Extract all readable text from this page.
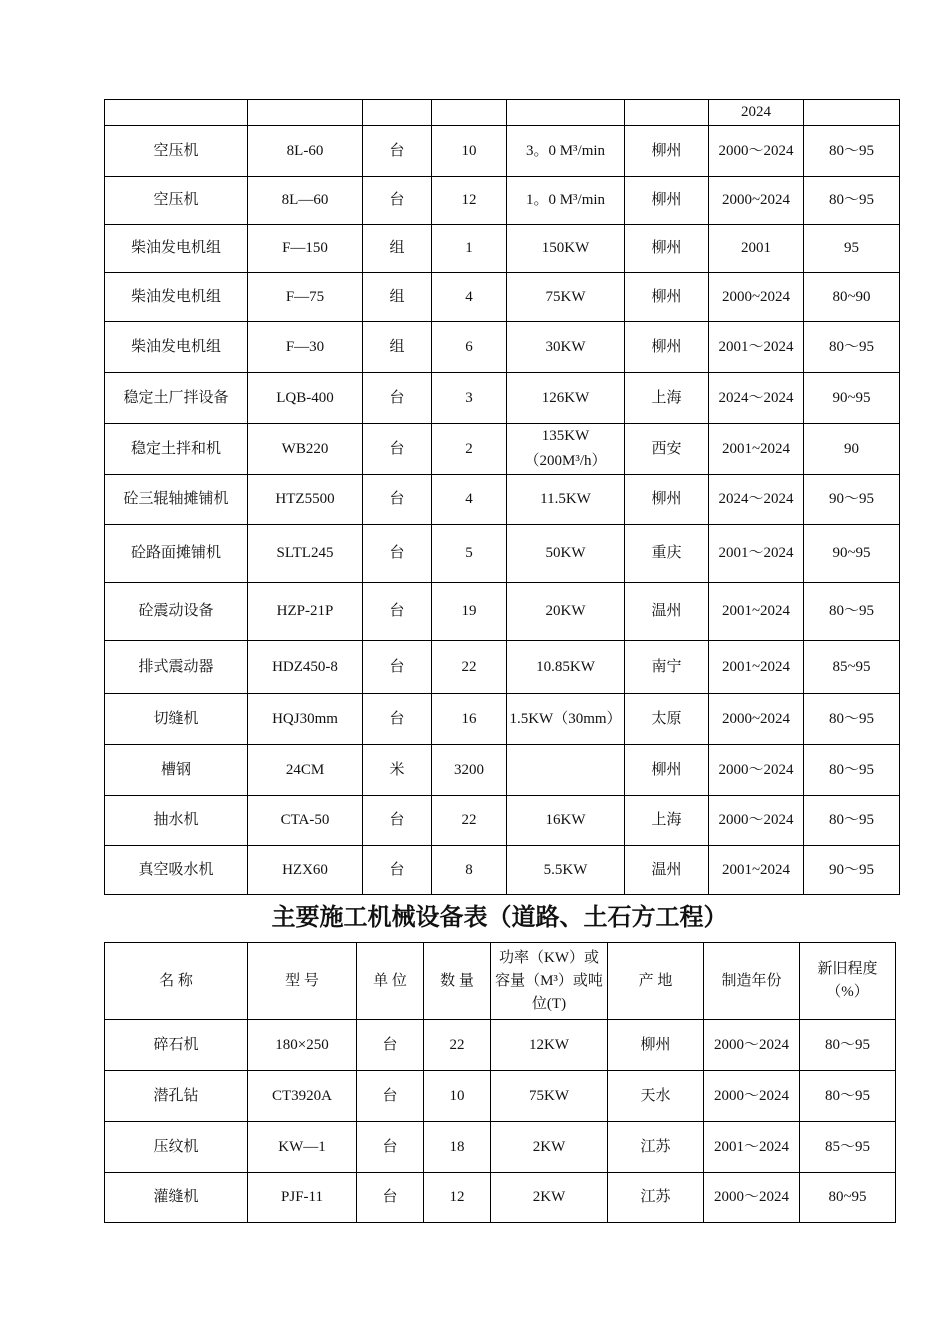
						2024	
空压机	8L-60	台	10	3。0 M³/min	柳州	2000～2024	80～95
空压机	8L—60	台	12	1。0 M³/min	柳州	2000~2024	80～95
柴油发电机组	F—150	组	1	150KW	柳州	2001	95
柴油发电机组	F—75	组	4	75KW	柳州	2000~2024	80~90
柴油发电机组	F—30	组	6	30KW	柳州	2001～2024	80～95
稳定土厂拌设备	LQB-400	台	3	126KW	上海	2024～2024	90~95
稳定土拌和机	WB220	台	2	135KW（200M³/h）	西安	2001~2024	90
砼三辊轴摊铺机	HTZ5500	台	4	11.5KW	柳州	2024～2024	90～95
砼路面摊铺机	SLTL245	台	5	50KW	重庆	2001～2024	90~95
砼震动设备	HZP-21P	台	19	20KW	温州	2001~2024	80～95
排式震动器	HDZ450-8	台	22	10.85KW	南宁	2001~2024	85~95
切缝机	HQJ30mm	台	16	1.5KW（30mm）	太原	2000~2024	80～95
槽钢	24CM	米	3200		柳州	2000～2024	80～95
抽水机	CTA-50	台	22	16KW	上海	2000～2024	80～95
真空吸水机	HZX60	台	8	5.5KW	温州	2001~2024	90～95
主要施工机械设备表（道路、土石方工程）
名 称	型 号	单 位	数 量	功率（KW）或容量（M³）或吨位(T)	产 地	制造年份	新旧程度（%）
碎石机	180×250	台	22	12KW	柳州	2000～2024	80～95
潜孔钻	CT3920A	台	10	75KW	天水	2000～2024	80～95
压纹机	KW—1	台	18	2KW	江苏	2001～2024	85～95
灌缝机	PJF-11	台	12	2KW	江苏	2000～2024	80~95
